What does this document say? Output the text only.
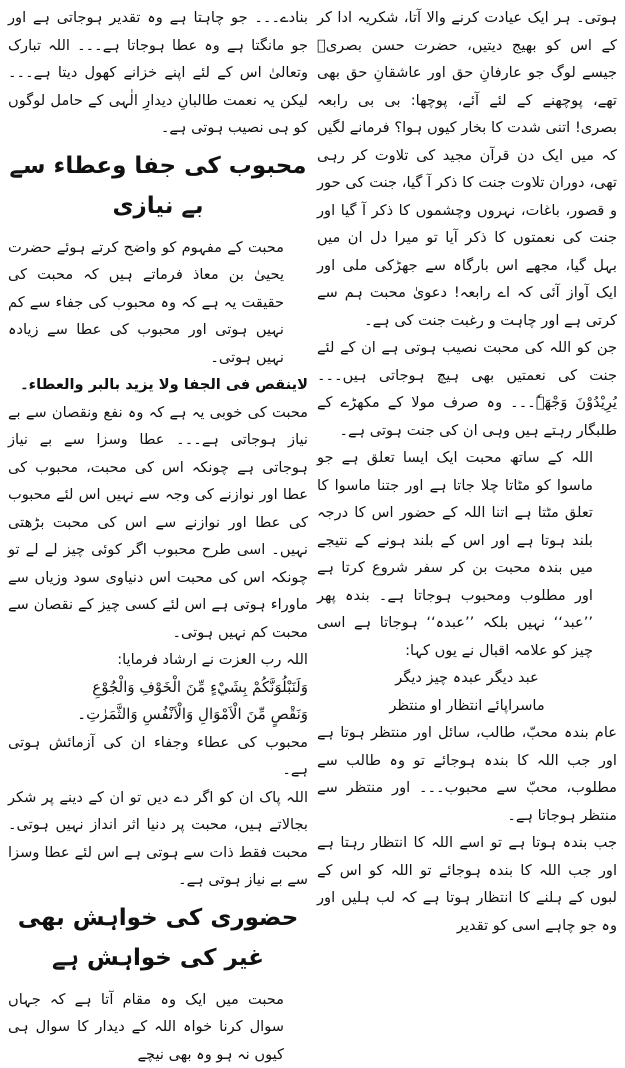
ہوتی۔ ہر ایک عیادت کرنے والا آتا، شکریہ ادا کر کے اس کو بھیج دیتیں، حضرت حسن بصریؒ جیسے لوگ جو عارفانِ حق اور عاشقانِ حق بھی تھے، پوچھنے کے لئے آئے، پوچھا: بی بی رابعہ بصری! اتنی شدت کا بخار کیوں ہوا؟ فرمانے لگیں کہ میں ایک دن قرآن مجید کی تلاوت کر رہی تھی، دوران تلاوت جنت کا ذکر آ گیا، جنت کی حور و قصور، باغات، نہروں وچشموں کا ذکر آ گیا اور جنت کی نعمتوں کا ذکر آیا تو میرا دل ان میں بہل گیا، مجھے اس بارگاہ سے جھڑکی ملی اور ایک آواز آئی کہ اے رابعہ! دعویٰ محبت ہم سے کرتی ہے اور چاہت و رغبت جنت کی ہے۔

جن کو اللہ کی محبت نصیب ہوتی ہے ان کے لئے جنت کی نعمتیں بھی ہیچ ہوجاتی ہیں۔۔۔ یُرِیْدُوْنَ وَجْھَہٗ۔۔۔ وہ صرف مولا کے مکھڑے کے طلبگار رہتے ہیں وہی ان کی جنت ہوتی ہے۔

اللہ کے ساتھ محبت ایک ایسا تعلق ہے جو ماسوا کو مٹاتا چلا جاتا ہے اور جتنا ماسوا کا تعلق مٹتا ہے اتنا اللہ کے حضور اس کا درجہ بلند ہوتا ہے اور اس کے بلند ہونے کے نتیجے میں بندہ محبت بن کر سفر شروع کرتا ہے اور مطلوب ومحبوب ہوجاتا ہے۔ بندہ پھر ’’عبد‘‘ نہیں بلکہ ’’عبدہ‘‘ ہوجاتا ہے اسی چیز کو علامہ اقبال نے یوں کہا:

عبد دیگر عبدہ چیز دیگر

ماسراپائے انتظار او منتظر

عام بندہ محبّ، طالب، سائل اور منتظر ہوتا ہے اور جب اللہ کا بندہ ہوجائے تو وہ طالب سے مطلوب، محبّ سے محبوب۔۔۔ اور منتظر سے منتظر ہوجاتا ہے۔

جب بندہ ہوتا ہے تو اسے اللہ کا انتظار رہتا ہے اور جب اللہ کا بندہ ہوجائے تو اللہ کو اس کے لبوں کے ہلنے کا انتظار ہوتا ہے کہ لب ہلیں اور وہ جو چاہے اسی کو تقدیر

بنادے۔۔۔ جو چاہتا ہے وہ تقدیر ہوجاتی ہے اور جو مانگتا ہے وہ عطا ہوجاتا ہے۔۔۔ اللہ تبارک وتعالیٰ اس کے لئے اپنے خزانے کھول دیتا ہے۔۔۔ لیکن یہ نعمت طالبانِ دیدارِ الٰہی کے حامل لوگوں کو ہی نصیب ہوتی ہے۔

محبوب کی جفا وعطاء سے بے نیازی

محبت کے مفہوم کو واضح کرتے ہوئے حضرت یحییٰ بن معاذ فرماتے ہیں کہ محبت کی حقیقت یہ ہے کہ وہ محبوب کی جفاء سے کم نہیں ہوتی اور محبوب کی عطا سے زیادہ نہیں ہوتی۔

لاینقص فی الجفا ولا یزید بالبر والعطاء۔

محبت کی خوبی یہ ہے کہ وہ نفع ونقصان سے بے نیاز ہوجاتی ہے۔۔۔ عطا وسزا سے بے نیاز ہوجاتی ہے چونکہ اس کی محبت، محبوب کی عطا اور نوازنے کی وجہ سے نہیں اس لئے محبوب کی عطا اور نوازنے سے اس کی محبت بڑھتی نہیں۔ اسی طرح محبوب اگر کوئی چیز لے لے تو چونکہ اس کی محبت اس دنیاوی سود وزیاں سے ماوراء ہوتی ہے اس لئے کسی چیز کے نقصان سے محبت کم نہیں ہوتی۔

اللہ رب العزت نے ارشاد فرمایا:

وَلَنَبْلُوَنَّكُمْ بِشَيْءٍ مِّنَ الْخَوْفِ وَالْجُوْعِ

وَنَقْصٍ مِّنَ الْاَمْوَالِ وَالْاَنْفُسِ وَالثَّمَرٰتِ۔

محبوب کی عطاء وجفاء ان کی آزمائش ہوتی ہے۔

اللہ پاک ان کو اگر دے دیں تو ان کے دینے پر شکر بجالاتے ہیں، محبت پر دنیا اثر انداز نہیں ہوتی۔ محبت فقط ذات سے ہوتی ہے اس لئے عطا وسزا سے بے نیاز ہوتی ہے۔

حضوری کی خواہش بھی غیر کی خواہش ہے

محبت میں ایک وہ مقام آتا ہے کہ جہاں سوال کرنا خواہ اللہ کے دیدار کا سوال ہی کیوں نہ ہو وہ بھی نیچے
